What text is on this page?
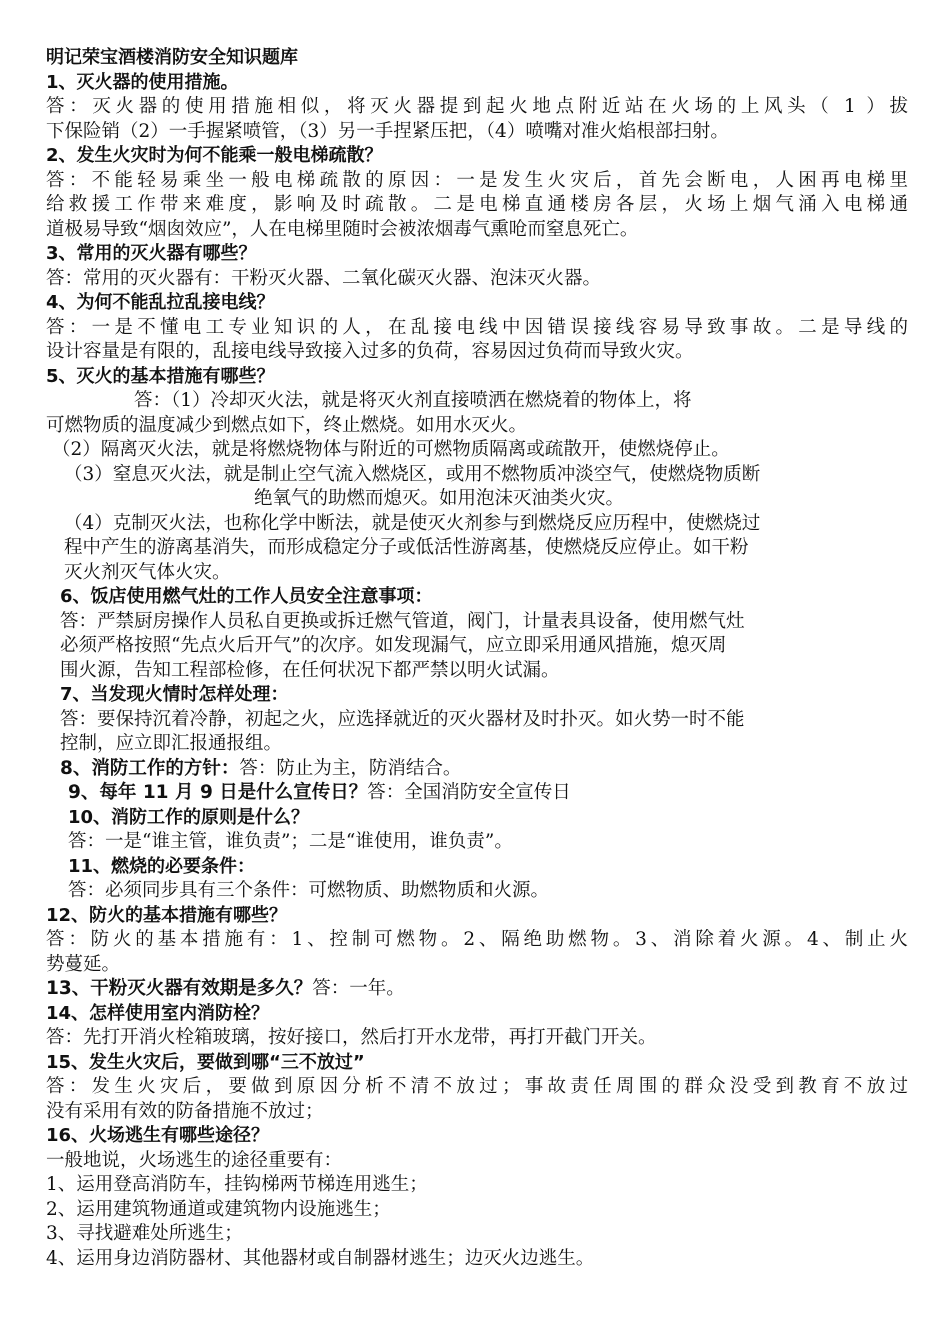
明记荣宝酒楼消防安全知识题库
1、灭火器的使用措施。
答：灭火器的使用措施相似，将灭火器提到起火地点附近站在火场的上风头（ 1 ）拔
下保险销（2）一手握紧喷管，（3）另一手捏紧压把，（4）喷嘴对准火焰根部扫射。
2、发生火灾时为何不能乘一般电梯疏散？
答：不能轻易乘坐一般电梯疏散的原因：一是发生火灾后，首先会断电，人困再电梯里
给救援工作带来难度，影响及时疏散。二是电梯直通楼房各层，火场上烟气涌入电梯通
道极易导致“烟囱效应”，人在电梯里随时会被浓烟毒气熏呛而窒息死亡。
3、常用的灭火器有哪些？
答：常用的灭火器有：干粉灭火器、二氧化碳灭火器、泡沫灭火器。
4、为何不能乱拉乱接电线？
答：一是不懂电工专业知识的人，在乱接电线中因错误接线容易导致事故。二是导线的
设计容量是有限的，乱接电线导致接入过多的负荷，容易因过负荷而导致火灾。
5、灭火的基本措施有哪些？
答：（1）冷却灭火法，就是将灭火剂直接喷洒在燃烧着的物体上，将
可燃物质的温度减少到燃点如下，终止燃烧。如用水灭火。
（2）隔离灭火法，就是将燃烧物体与附近的可燃物质隔离或疏散开，使燃烧停止。
（3）窒息灭火法，就是制止空气流入燃烧区，或用不燃物质冲淡空气，使燃烧物质断
绝氧气的助燃而熄灭。如用泡沫灭油类火灾。
（4）克制灭火法，也称化学中断法，就是使灭火剂参与到燃烧反应历程中，使燃烧过
程中产生的游离基消失，而形成稳定分子或低活性游离基，使燃烧反应停止。如干粉
灭火剂灭气体火灾。
6、饭店使用燃气灶的工作人员安全注意事项：
答：严禁厨房操作人员私自更换或拆迁燃气管道，阀门，计量表具设备，使用燃气灶
必须严格按照“先点火后开气”的次序。如发现漏气，应立即采用通风措施，熄灭周
围火源，告知工程部检修，在任何状况下都严禁以明火试漏。
7、当发现火情时怎样处理：
答：要保持沉着冷静，初起之火，应选择就近的灭火器材及时扑灭。如火势一时不能
控制，应立即汇报通报组。
8、消防工作的方针：答：防止为主，防消结合。
9、每年 11 月 9 日是什么宣传日？答：全国消防安全宣传日
10、消防工作的原则是什么？
答：一是“谁主管，谁负责”；二是“谁使用，谁负责”。
11、燃烧的必要条件：
答：必须同步具有三个条件：可燃物质、助燃物质和火源。
12、防火的基本措施有哪些？
答：防火的基本措施有：1、控制可燃物。2、隔绝助燃物。3、消除着火源。4、制止火
势蔓延。
13、干粉灭火器有效期是多久？答：一年。
14、怎样使用室内消防栓？
答：先打开消火栓箱玻璃，按好接口，然后打开水龙带，再打开截门开关。
15、发生火灾后，要做到哪“三不放过”
答：发生火灾后，要做到原因分析不清不放过；事故责任周围的群众没受到教育不放过
没有采用有效的防备措施不放过；
16、火场逃生有哪些途径？
一般地说，火场逃生的途径重要有：
1、运用登高消防车，挂钩梯两节梯连用逃生；
2、运用建筑物通道或建筑物内设施逃生；
3、寻找避难处所逃生；
4、运用身边消防器材、其他器材或自制器材逃生；边灭火边逃生。
